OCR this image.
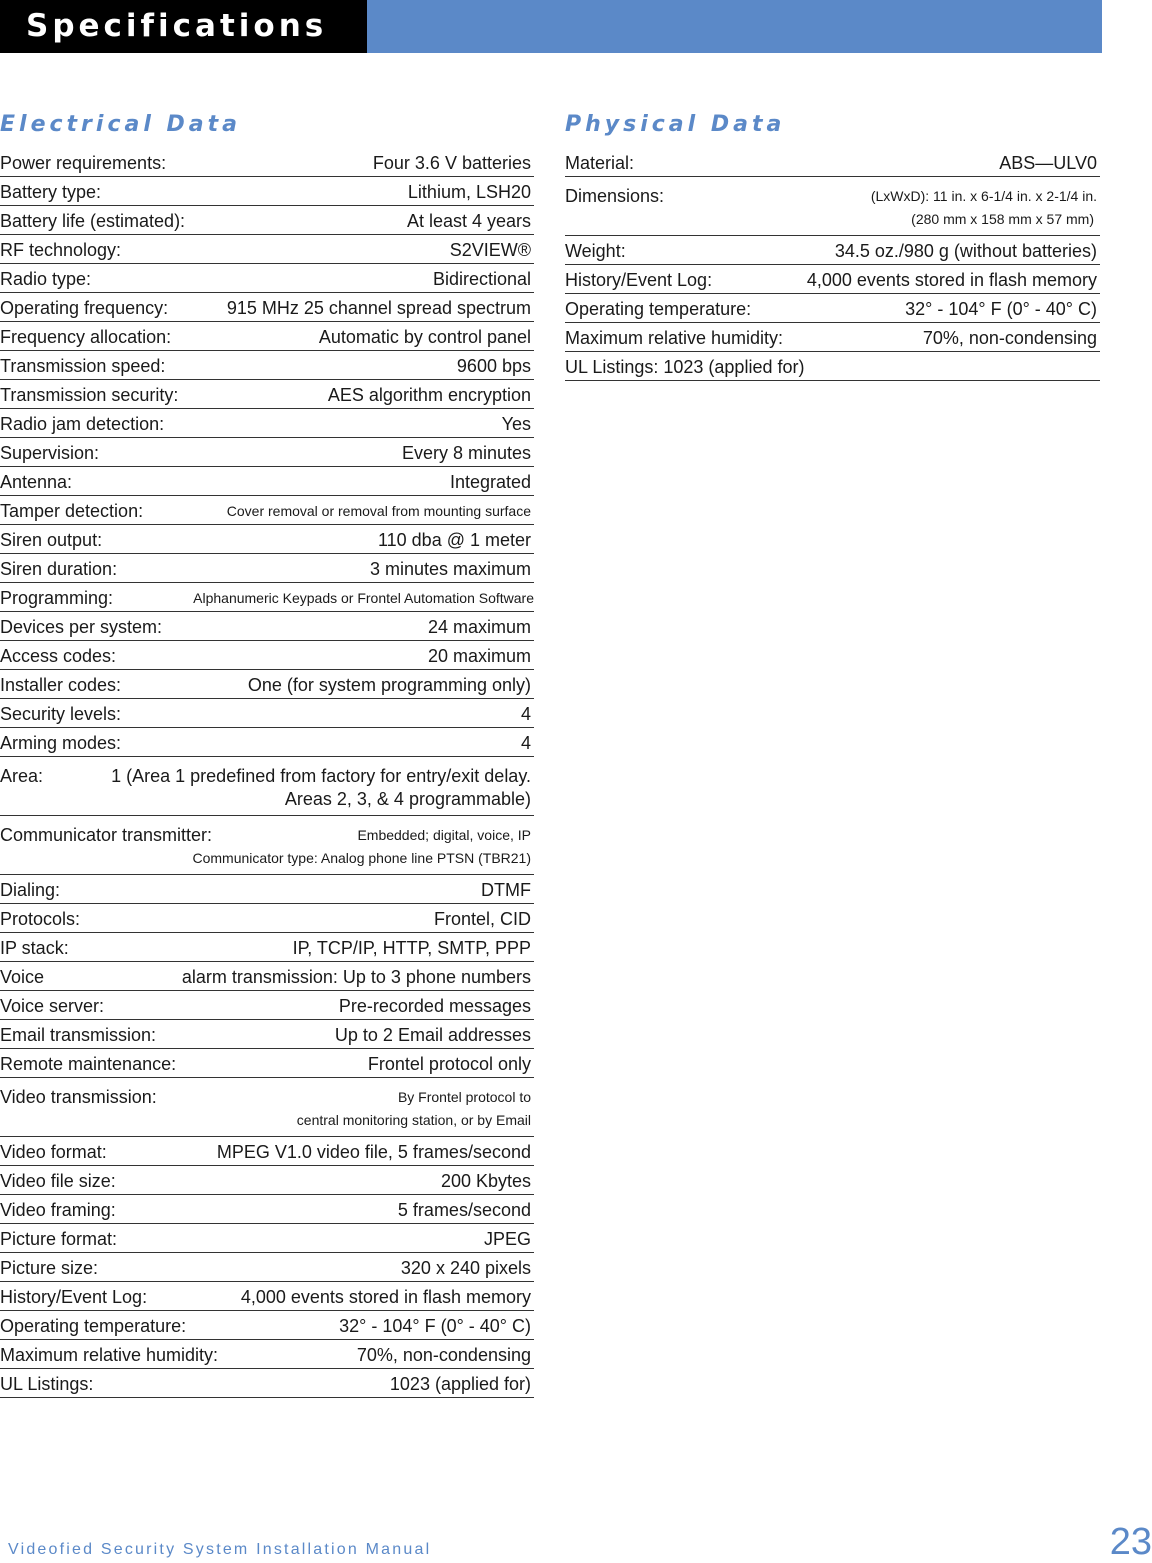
Specifications
Electrical Data
Power requirements:	Four 3.6 V batteries
Battery type:	Lithium, LSH20
Battery life (estimated):	At least 4 years
RF technology:	S2VIEW®
Radio type:	Bidirectional
Operating frequency:	915 MHz 25 channel spread spectrum
Frequency allocation:	Automatic by control panel
Transmission speed:	9600 bps
Transmission security:	AES algorithm encryption
Radio jam detection:	Yes
Supervision:	Every 8 minutes
Antenna:	Integrated
Tamper detection:	Cover removal or removal from mounting surface
Siren output:	110 dba @ 1 meter
Siren duration:	3 minutes maximum
Programming:	Alphanumeric Keypads or Frontel Automation Software
Devices per system:	24 maximum
Access codes:	20 maximum
Installer codes:	One (for system programming only)
Security levels:	4
Arming modes:	4
Area:	1 (Area 1 predefined from factory for entry/exit delay.
Areas 2, 3, & 4 programmable)
Communicator transmitter:	Embedded; digital, voice, IP
Communicator type: Analog phone line PTSN (TBR21)
Dialing:	DTMF
Protocols:	Frontel, CID
IP stack:	IP, TCP/IP, HTTP, SMTP, PPP
Voice	alarm transmission: Up to 3 phone numbers
Voice server:	Pre-recorded messages
Email transmission:	Up to 2 Email addresses
Remote maintenance:	Frontel protocol only
Video transmission:	By Frontel protocol to
central monitoring station, or by Email
Video format:	MPEG V1.0 video file, 5 frames/second
Video file size:	200 Kbytes
Video framing:	5 frames/second
Picture format:	JPEG
Picture size:	320 x 240 pixels
History/Event Log:	4,000 events stored in flash memory
Operating temperature:	32° - 104° F (0° - 40° C)
Maximum relative humidity:	70%, non-condensing
UL Listings:	1023 (applied for)
Physical Data
Material:	ABS—ULV0
Dimensions:	(LxWxD): 11 in. x 6-1/4 in. x 2-1/4 in.
(280 mm x 158 mm x 57 mm)
Weight:	34.5 oz./980 g (without batteries)
History/Event Log:	4,000 events stored in flash memory
Operating temperature:	32° - 104° F (0° - 40° C)
Maximum relative humidity:	70%, non-condensing
UL Listings: 1023 (applied for)
Videofied Security System Installation Manual	23
